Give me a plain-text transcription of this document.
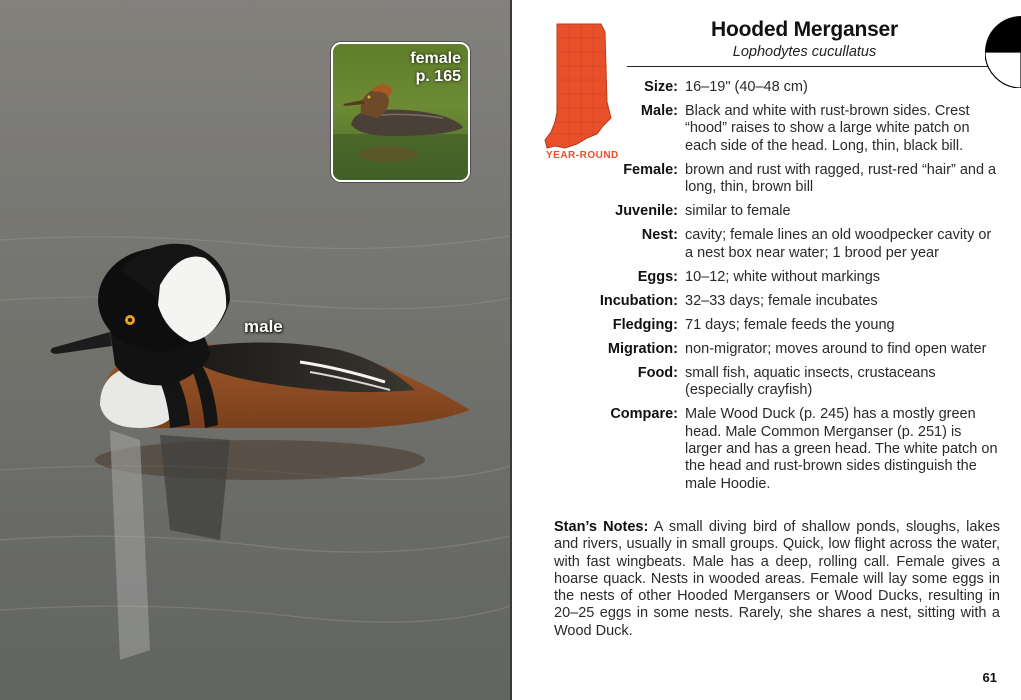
male
female
p. 165
YEAR-ROUND
Hooded Merganser
Lophodytes cucullatus
Size: 16–19" (40–48 cm)
Male: Black and white with rust-brown sides. Crest “hood” raises to show a large white patch on each side of the head. Long, thin, black bill.
Female: brown and rust with ragged, rust-red “hair” and a long, thin, brown bill
Juvenile: similar to female
Nest: cavity; female lines an old woodpecker cavity or a nest box near water; 1 brood per year
Eggs: 10–12; white without markings
Incubation: 32–33 days; female incubates
Fledging: 71 days; female feeds the young
Migration: non-migrator; moves around to find open water
Food: small fish, aquatic insects, crustaceans (especially crayfish)
Compare: Male Wood Duck (p. 245) has a mostly green head. Male Common Merganser (p. 251) is larger and has a green head. The white patch on the head and rust-brown sides distinguish the male Hoodie.
Stan’s Notes: A small diving bird of shallow ponds, sloughs, lakes and rivers, usually in small groups. Quick, low flight across the water, with fast wingbeats. Male has a deep, rolling call. Female gives a hoarse quack. Nests in wooded areas. Female will lay some eggs in the nests of other Hooded Mergansers or Wood Ducks, resulting in 20–25 eggs in some nests. Rarely, she shares a nest, sitting with a Wood Duck.
61
